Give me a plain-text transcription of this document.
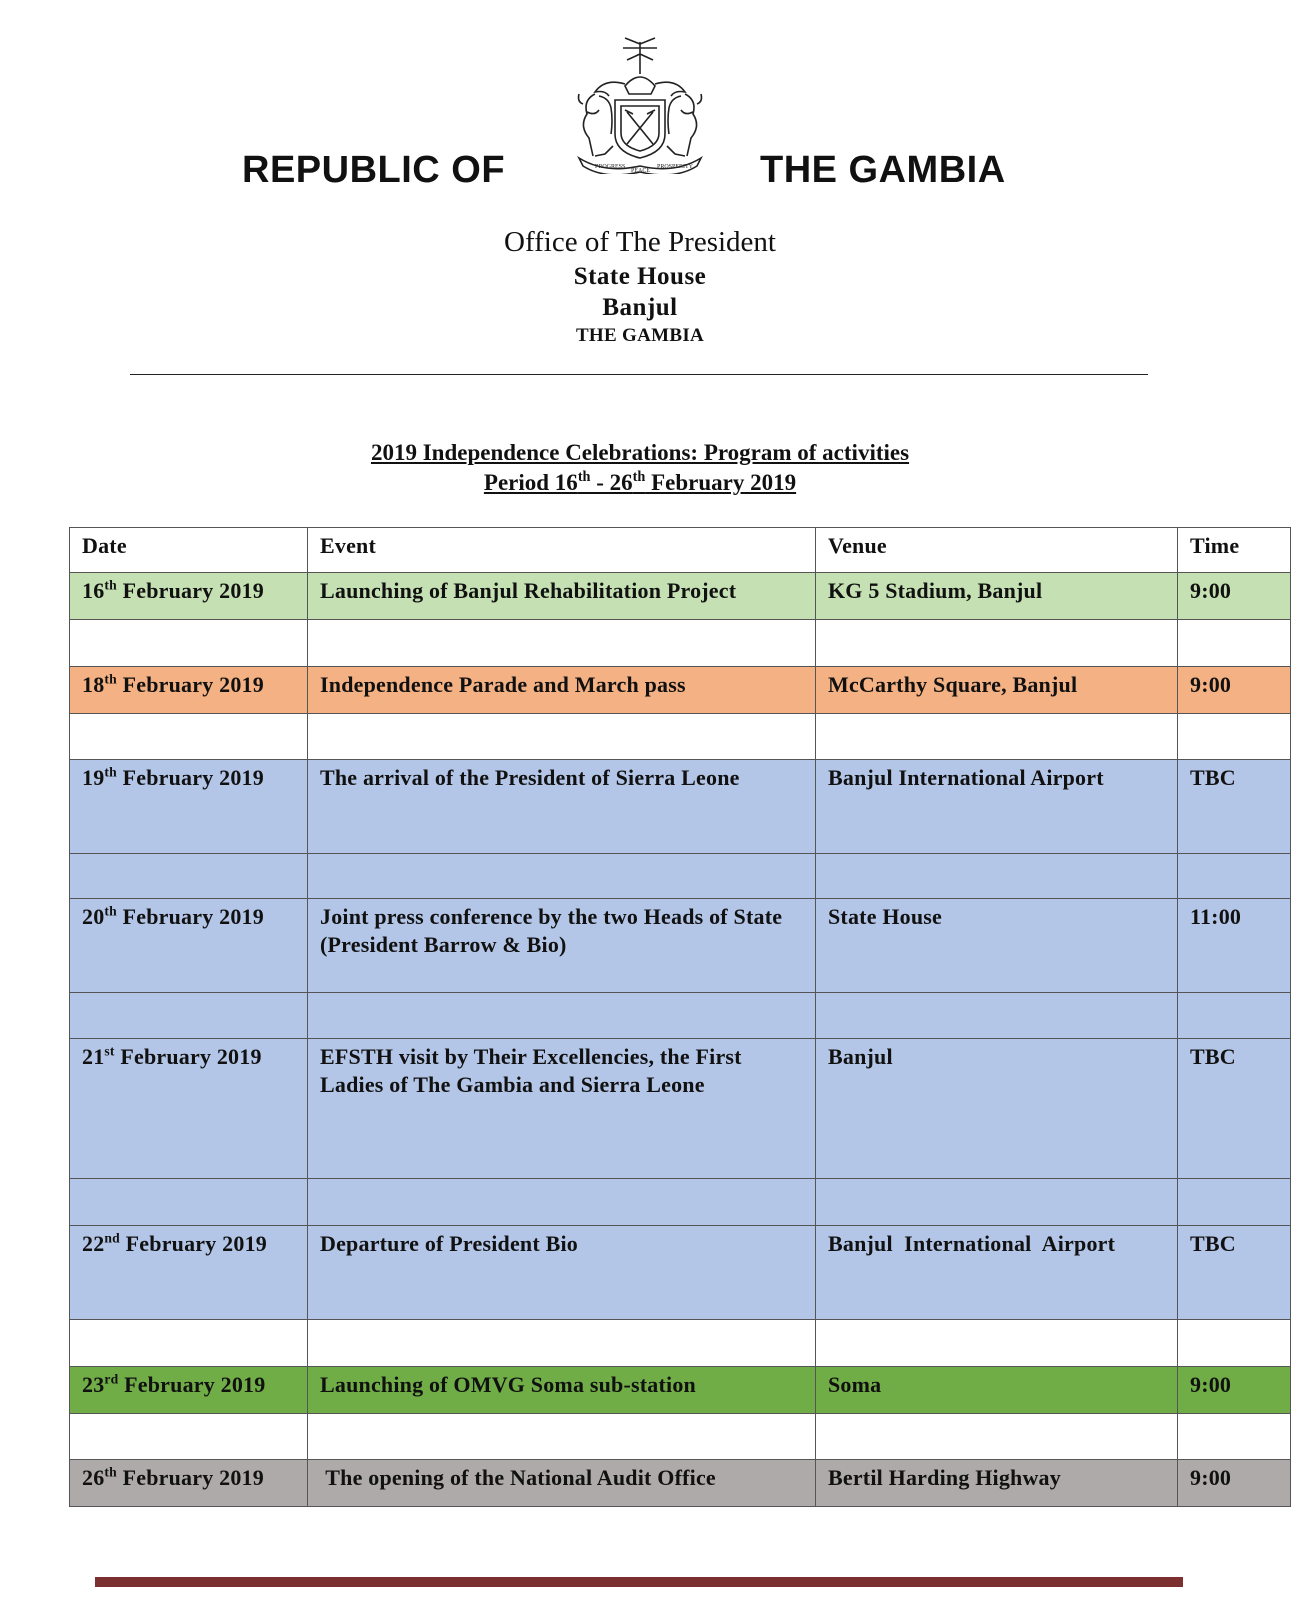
REPUBLIC OF	PROGRESS
PEACE
PROSPERITY THE GAMBIA
Office of The President
State House
Banjul
THE GAMBIA
2019 Independence Celebrations: Program of activities
Period 16th - 26th February 2019
Date	Event	Venue	Time

16th February 2019	Launching of Banjul Rehabilitation Project	KG 5 Stadium, Banjul	9:00

18th February 2019	Independence Parade and March pass	McCarthy Square, Banjul	9:00

19th February 2019	The arrival of the President of Sierra Leone	Banjul International Airport	TBC

20th February 2019	Joint press conference by the two Heads of State (President Barrow & Bio)	State House	11:00

21st February 2019	EFSTH visit by Their Excellencies, the First Ladies of The Gambia and Sierra Leone	Banjul	TBC

22nd February 2019	Departure of President Bio	Banjul  International  Airport	TBC

23rd February 2019	Launching of OMVG Soma sub-station	Soma	9:00

26th February 2019	The opening of the National Audit Office	Bertil Harding Highway	9:00
